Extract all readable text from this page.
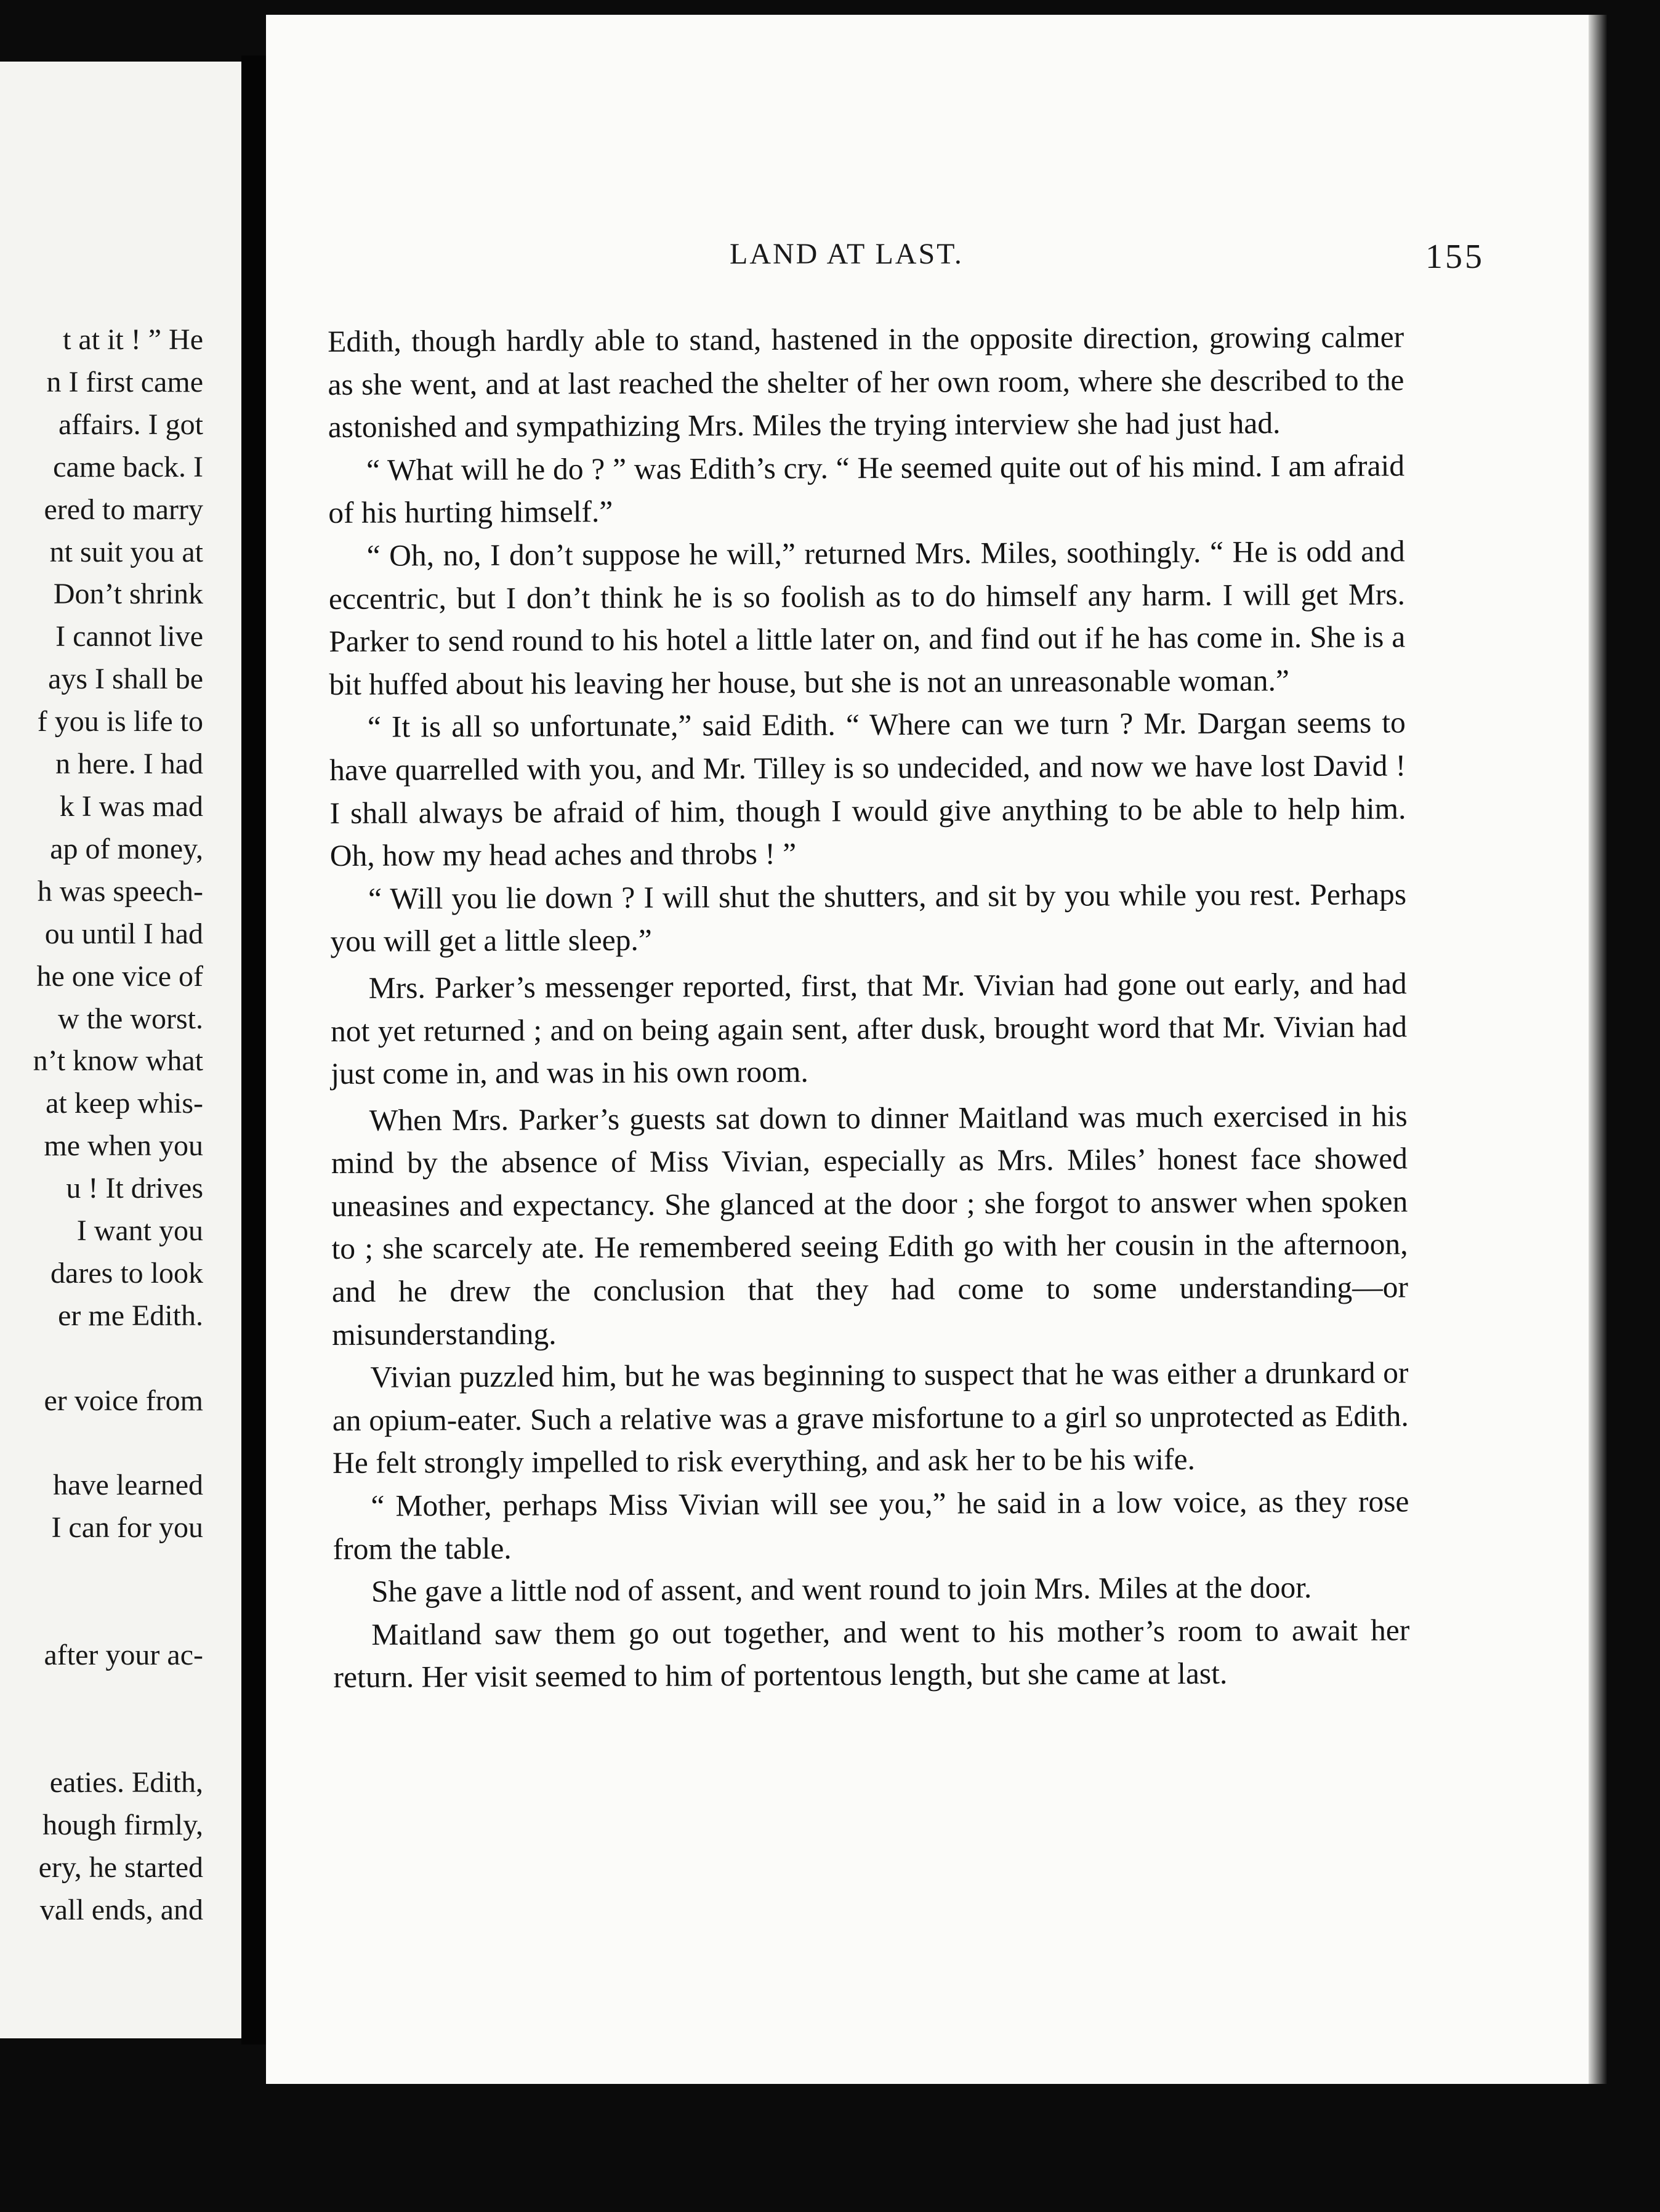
t at it ! ” He
n I first came
affairs. I got
came back. I
ered to marry
nt suit you at
Don’t shrink
I cannot live
ays I shall be
f you is life to
n here. I had
k I was mad
ap of money,
h was speech-
ou until I had
he one vice of
w the worst.
n’t know what
at keep whis-
me when you
u ! It drives
I want you
dares to look
er me Edith.

er voice from

have learned
I can for you

after your ac-

eaties. Edith,
hough firmly,
ery, he started
vall ends, and
LAND AT LAST.	155

Edith, though hardly able to stand, hastened in the opposite direction, growing calmer as she went, and at last reached the shelter of her own room, where she described to the astonished and sympathizing Mrs. Miles the trying interview she had just had.

“ What will he do ? ” was Edith’s cry. “ He seemed quite out of his mind. I am afraid of his hurting himself.”

“ Oh, no, I don’t suppose he will,” returned Mrs. Miles, soothingly. “ He is odd and eccentric, but I don’t think he is so foolish as to do himself any harm. I will get Mrs. Parker to send round to his hotel a little later on, and find out if he has come in. She is a bit huffed about his leaving her house, but she is not an unreasonable woman.”

“ It is all so unfortunate,” said Edith. “ Where can we turn ? Mr. Dargan seems to have quarrelled with you, and Mr. Tilley is so undecided, and now we have lost David ! I shall always be afraid of him, though I would give anything to be able to help him. Oh, how my head aches and throbs ! ”

“ Will you lie down ? I will shut the shutters, and sit by you while you rest. Perhaps you will get a little sleep.”

Mrs. Parker’s messenger reported, first, that Mr. Vivian had gone out early, and had not yet returned ; and on being again sent, after dusk, brought word that Mr. Vivian had just come in, and was in his own room.

When Mrs. Parker’s guests sat down to dinner Maitland was much exercised in his mind by the absence of Miss Vivian, especially as Mrs. Miles’ honest face showed uneasines and expectancy. She glanced at the door ; she forgot to answer when spoken to ; she scarcely ate. He remembered seeing Edith go with her cousin in the afternoon, and he drew the conclusion that they had come to some understanding—or misunderstanding.

Vivian puzzled him, but he was beginning to suspect that he was either a drunkard or an opium-eater. Such a relative was a grave misfortune to a girl so unprotected as Edith. He felt strongly impelled to risk everything, and ask her to be his wife.

“ Mother, perhaps Miss Vivian will see you,” he said in a low voice, as they rose from the table.

She gave a little nod of assent, and went round to join Mrs. Miles at the door.

Maitland saw them go out together, and went to his mother’s room to await her return. Her visit seemed to him of portentous length, but she came at last.
